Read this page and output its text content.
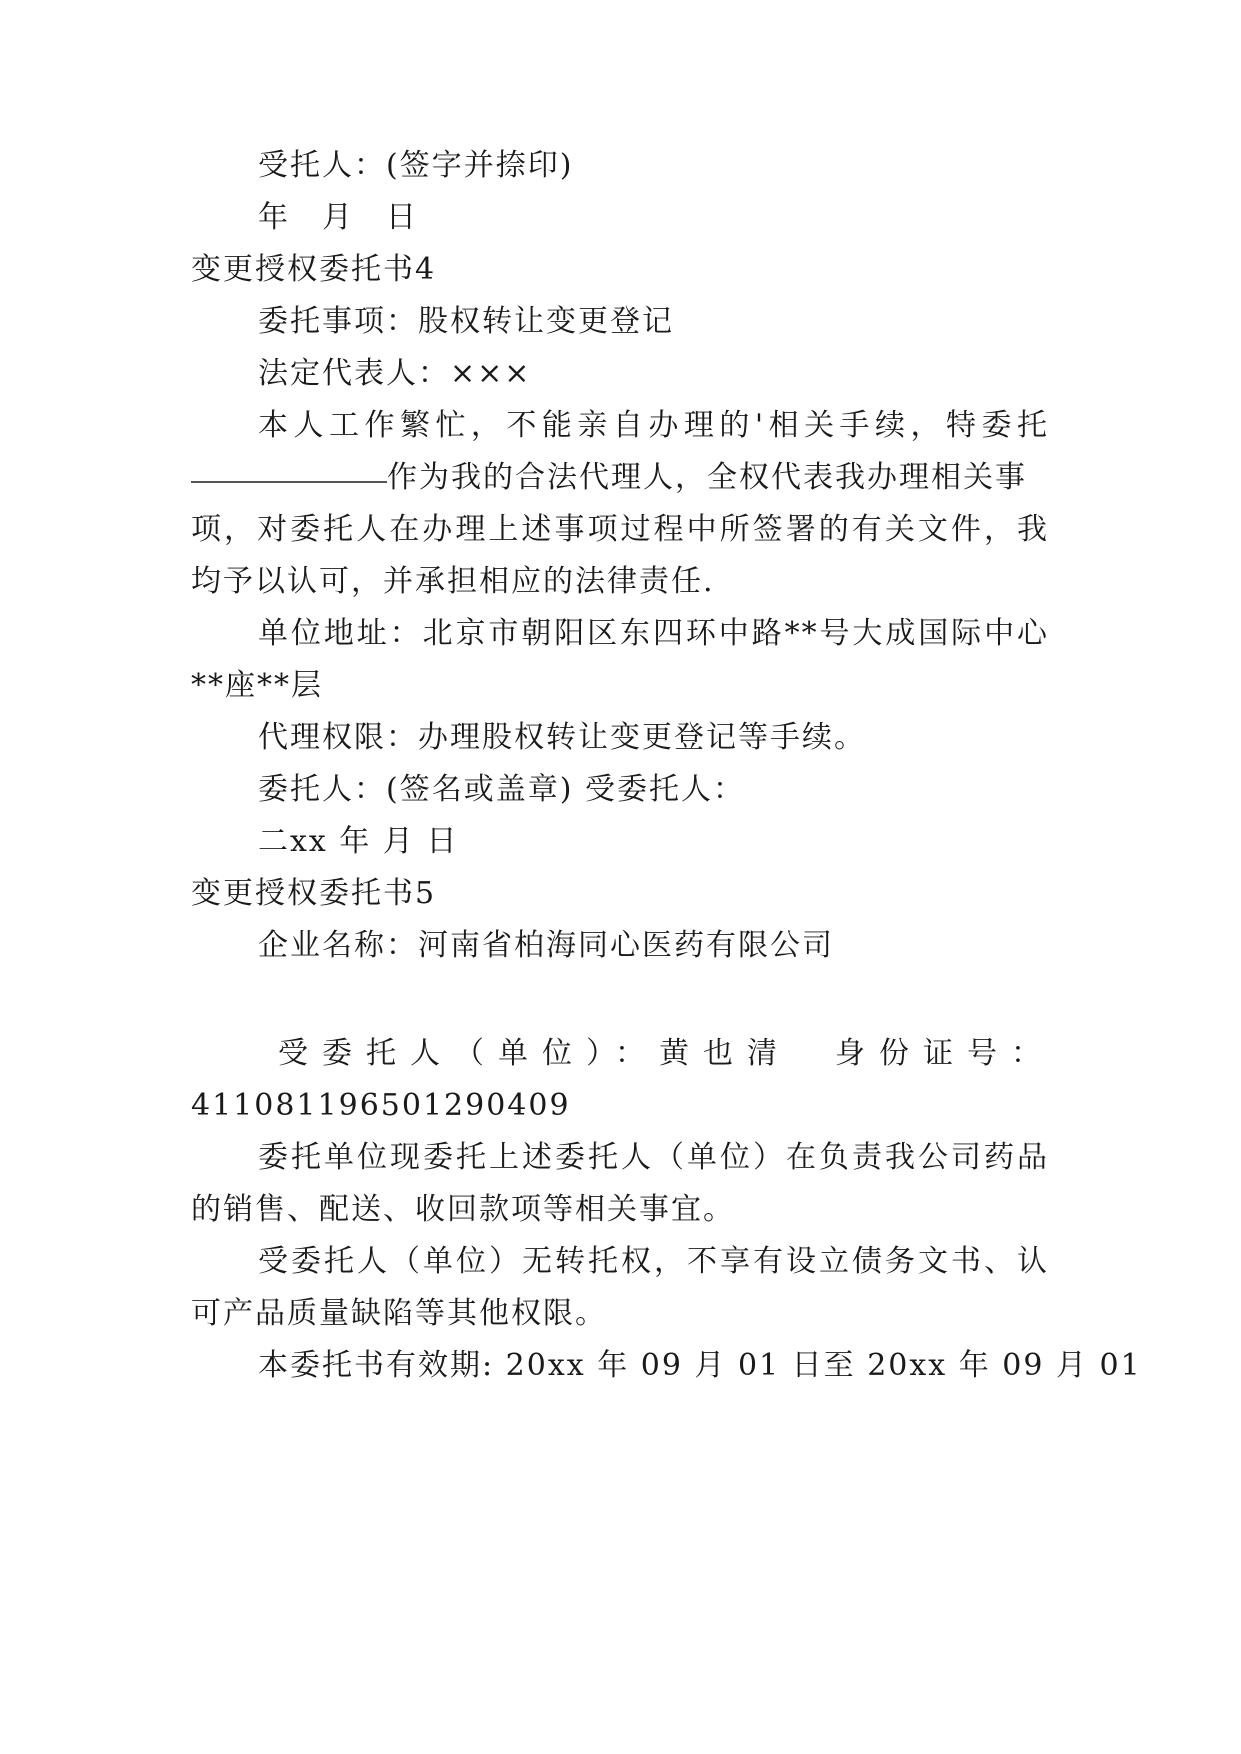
受托人：(签字并捺印)
年　月　日
变更授权委托书4
委托事项：股权转让变更登记
法定代表人：×××
本人工作繁忙，不能亲自办理的'相关手续，特委托
作为我的合法代理人，全权代表我办理相关事
项，对委托人在办理上述事项过程中所签署的有关文件，我
均予以认可，并承担相应的法律责任.
单位地址：北京市朝阳区东四环中路**号大成国际中心
**座**层
代理权限：办理股权转让变更登记等手续。
委托人：(签名或盖章) 受委托人：
二xx 年 月 日
变更授权委托书5
企业名称：河南省柏海同心医药有限公司
受委托人（单位）：黄也清　身份证号：
411081196501290409
委托单位现委托上述委托人（单位）在负责我公司药品
的销售、配送、收回款项等相关事宜。
受委托人（单位）无转托权，不享有设立债务文书、认
可产品质量缺陷等其他权限。
本委托书有效期: 20xx 年 09 月 01 日至 20xx 年 09 月 01
